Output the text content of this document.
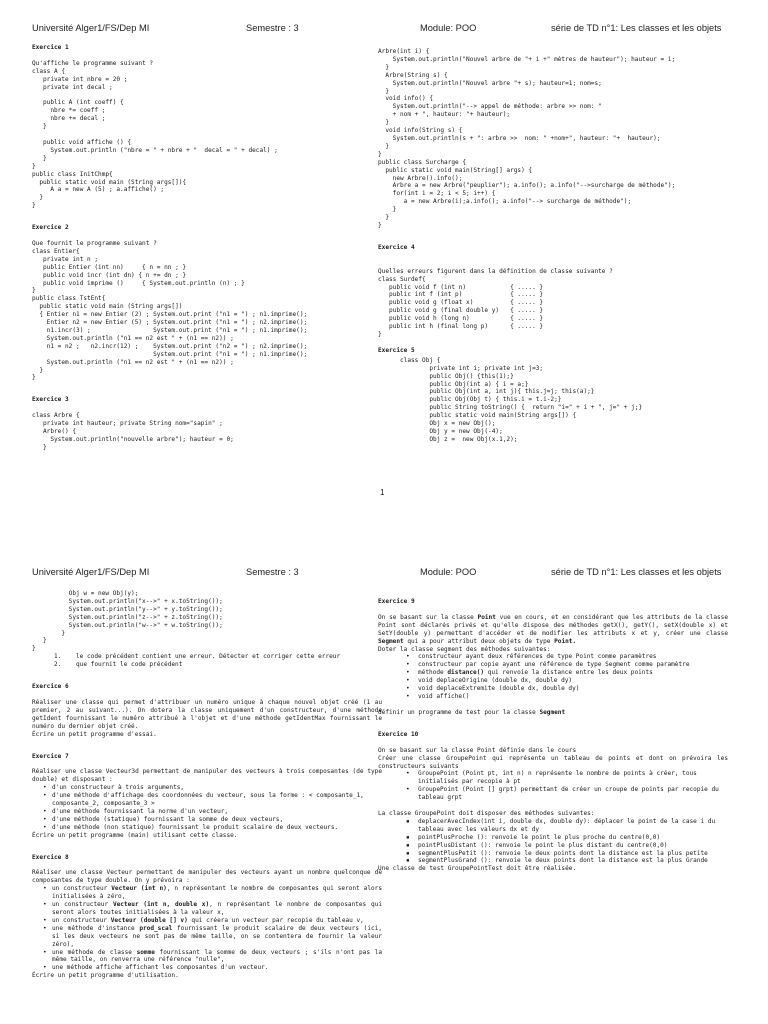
Université Alger1/FS/Dep MI	Semestre : 3	Module: POO	série de TD n°1: Les classes et les objets
Exercice 1
Qu'affiche le programme suivant ?
class A {
private int nbre = 20 ;
private int decal ;

public A (int coeff) {
nbre *= coeff ;
nbre += decal ;
}

public void affiche () {
System.out.println ("nbre = " + nbre + "  decal = " + decal) ;
}
}
public class InitChmp{
public static void main (String args[]){
A a = new A (5) ; a.affiche() ;
}
}
Exercice 2
Que fournit le programme suivant ?
class Entier{
private int n ;
public Entier (int nn)     { n = nn ; }
public void incr (int dn) { n += dn ; }
public void imprime ()     { System.out.println (n) ; }
}
public class TstEnt{
public static void main (String args[])
{ Entier n1 = new Entier (2) ; System.out.print ("n1 = ") ; n1.imprime();
Entier n2 = new Entier (5) ; System.out.print ("n1 = ") ; n2.imprime();
n1.incr(3) ;                 System.out.print ("n1 = ") ; n1.imprime();
System.out.println ("n1 == n2 est " + (n1 == n2)) ;
n1 = n2 ;   n2.incr(12) ;    System.out.print ("n2 = ") ; n2.imprime();
System.out.print ("n1 = ") ; n1.imprime();
System.out.println ("n1 == n2 est " + (n1 == n2)) ;
}
}
Exercice 3
class Arbre {
private int hauteur; private String nom="sapin" ;
Arbre() {
System.out.println("nouvelle arbre"); hauteur = 0;
}
Arbre(int i) {
System.out.println("Nouvel arbre de "+ i +" mètres de hauteur"); hauteur = i;
}
Arbre(String s) {
System.out.println("Nouvel arbre "+ s); hauteur=1; nom=s;
}
void info() {
System.out.println("--> appel de méthode: arbre >> nom: "
+ nom + ", hauteur: "+ hauteur);
}
void info(String s) {
System.out.println(s + ": arbre >>  nom: " +nom+", hauteur: "+  hauteur);
}
}
public class Surcharge {
public static void main(String[] args) {
new Arbre().info();
Arbre a = new Arbre("peuplier"); a.info(); a.info("-->surcharge de méthode");
for(int i = 2; i < 5; i++) {
a = new Arbre(i);a.info(); a.info("--> surcharge de méthode");
}
}
}
Exercice 4
Quelles erreurs figurent dans la définition de classe suivante ?
class Surdef{
public void f (int n)            { ..... }
public int f (int p)             { ..... }
public void g (float x)          { ..... }
public void g (final double y)   { ..... }
public void h (long n)           { ..... }
public int h (final long p)      { ..... }
}
Exercice 5
class Obj {
private int i; private int j=3;
public Obj() {this(1);}
public Obj(int a) { i = a;}
public Obj(int a, int j){ this.j=j; this(a);}
public Obj(Obj t) { this.i = t.i-2;}
public String toString() {  return "i=" + i + ", j=" + j;}
public static void main(String args[]) {
Obj x = new Obj();
Obj y = new Obj(-4);
Obj z =  new Obj(x.1,2);
1
Université Alger1/FS/Dep MI	Semestre : 3	Module: POO	série de TD n°1: Les classes et les objets
Obj w = new Obj(y);
System.out.println("x-->" + x.toString());
System.out.println("y-->" + y.toString());
System.out.println("z-->" + z.toString());
System.out.println("w-->" + w.toString());
}
}
}
1. le code précédent contient une erreur. Détecter et corriger cette erreur
2. que fournit le code précédent
Exercice 6

Réaliser une classe qui permet d'attribuer un numéro unique à chaque nouvel objet créé (1 au premier, 2 au suivant...). On dotera la classe uniquement d'un constructeur, d'une méthode getIdent fournissant le numéro attribué à l'objet et d'une méthode getIdentMax fournissant le numéro du dernier objet créé.

Écrire un petit programme d'essai.

Exercice 7

Réaliser une classe Vecteur3d permettant de manipuler des vecteurs à trois composantes (de type double) et disposant :

• d'un constructeur à trois arguments,
• d'une méthode d'affichage des coordonnées du vecteur, sous la forme : < composante_1, composante_2, composante_3 >
• d'une méthode fournissant la norme d'un vecteur,
• d'une méthode (statique) fournissant la somme de deux vecteurs,
• d'une méthode (non statique) fournissant le produit scalaire de deux vecteurs.

Écrire un petit programme (main) utilisant cette classe.

Exercice 8

Réaliser une classe Vecteur permettant de manipuler des vecteurs ayant un nombre quelconque de composantes de type double. On y prévoira :

• un constructeur Vecteur (int n), n représentant le nombre de composantes qui seront alors initialisées à zéro,
• un constructeur Vecteur (int n, double x), n représentant le nombre de composantes qui seront alors toutes initialisées à la valeur x,
• un constructeur Vecteur (double [] v) qui créera un vecteur par recopie du tableau v,
• une méthode d'instance prod_scal fournissant le produit scalaire de deux vecteurs (ici, si les deux vecteurs ne sont pas de même taille, on se contentera de fournir la valeur zéro),
• une méthode de classe somme fournissant la somme de deux vecteurs ; s'ils n'ont pas la même taille, on renverra une référence "nulle",
• une méthode affiche affichant les composantes d'un vecteur.

Écrire un petit programme d'utilisation.

Exercice 9

On se basant sur la classe Point vue en cours, et en considérant que les attributs de la classe Point sont déclarés privés et qu'elle dispose des méthodes getX(), getY(), setX(double x) et SetY(double y) permettant d'accéder et de modifier les attributs x et y, créer une classe Segment qui a pour attribut deux objets de type Point.

Doter la classe segment des méthodes suivantes:

• constructeur ayant deux références de type Point comme paramètres
• constructeur par copie ayant une référence de type Segment comme paramètre
• méthode distance() qui renvoie la distance entre les deux points
• void deplaceOrigine (double dx, double dy)
• void deplaceExtremite (double dx, double dy)
• void affiche()

définir un programme de test pour la classe Segment

Exercice 10

On se basant sur la classe Point définie dans le cours

Créer une classe GroupePoint qui représente un tableau de points et dont on prévoira les constructeurs suivants

• GroupePoint (Point pt, int n) n représente le nombre de points à créer, tous initialisés par recopie à pt
• GroupePoint (Point [] grpt) permettant de créer un croupe de points par recopie du tableau grpt

La classe GroupePoint doit disposer des méthodes suivantes:

▪ deplacerAvecIndex(int i, double dx, double dy): déplacer le point de la case i du tableau avec les valeurs dx et dy
▪ pointPlusProche (): renvoie le point le plus proche du centre(0,0)
▪ pointPlusDistant (): renvoie le point le plus distant du centre(0,0)
▪ segmentPlusPetit (): renvoie le deux points dont la distance est la plus petite
▪ segmentPlusGrand (): renvoie le deux points dont la distance est la plus Grande

Une classe de test GroupePointTest doit être réalisée.
